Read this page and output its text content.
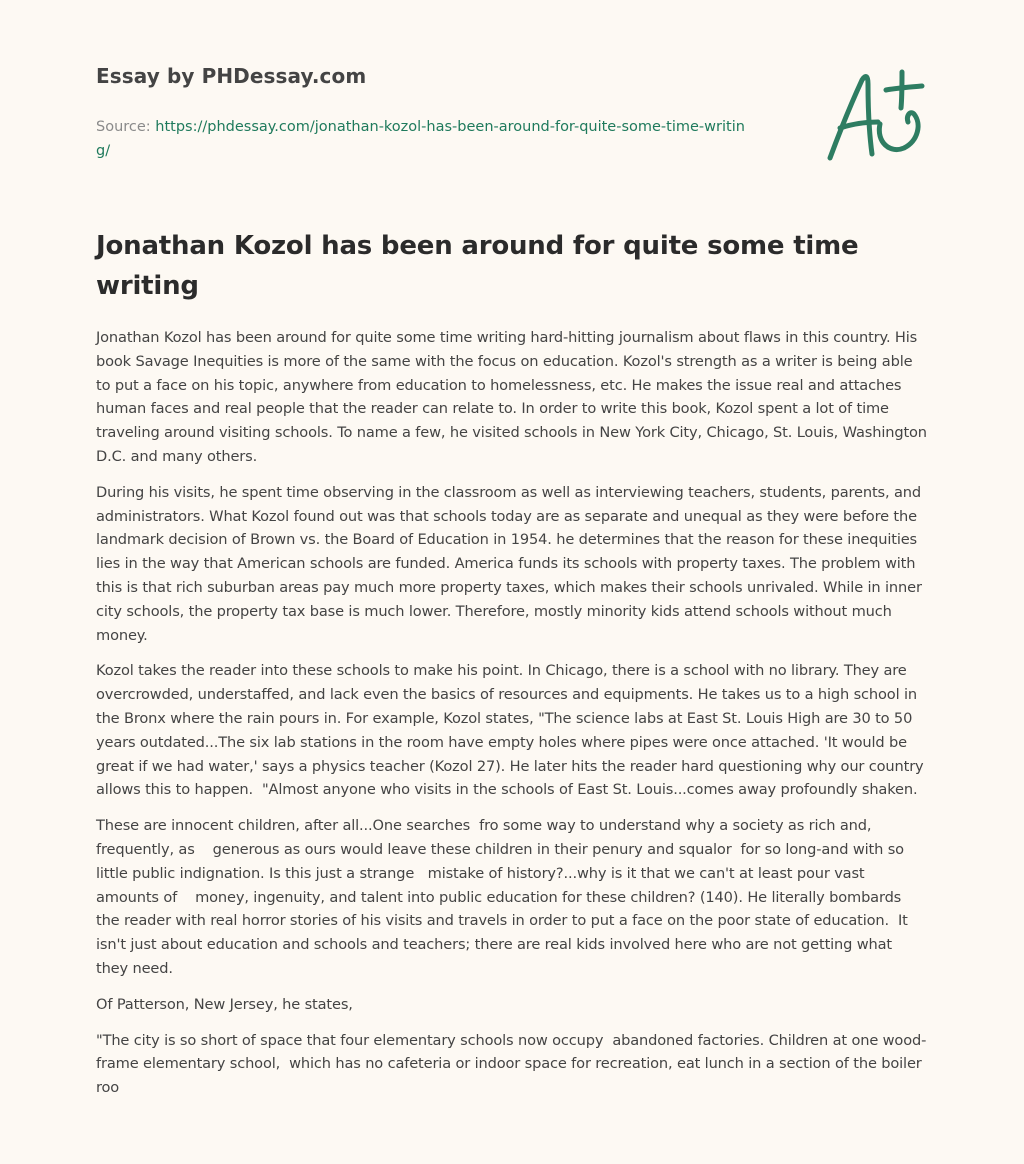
Essay by PHDessay.com
Source: https://phdessay.com/jonathan-kozol-has-been-around-for-quite-some-time-writing/
Jonathan Kozol has been around for quite some time writing

Jonathan Kozol has been around for quite some time writing hard-hitting journalism about flaws in this country. His book Savage Inequities is more of the same with the focus on education. Kozol's strength as a writer is being able to put a face on his topic, anywhere from education to homelessness, etc. He makes the issue real and attaches human faces and real people that the reader can relate to. In order to write this book, Kozol spent a lot of time traveling around visiting schools. To name a few, he visited schools in New York City, Chicago, St. Louis, Washington D.C. and many others.

During his visits, he spent time observing in the classroom as well as interviewing teachers, students, parents, and administrators. What Kozol found out was that schools today are as separate and unequal as they were before the landmark decision of Brown vs. the Board of Education in 1954. he determines that the reason for these inequities lies in the way that American schools are funded. America funds its schools with property taxes. The problem with this is that rich suburban areas pay much more property taxes, which makes their schools unrivaled. While in inner city schools, the property tax base is much lower. Therefore, mostly minority kids attend schools without much money.

Kozol takes the reader into these schools to make his point. In Chicago, there is a school with no library. They are overcrowded, understaffed, and lack even the basics of resources and equipments. He takes us to a high school in the Bronx where the rain pours in. For example, Kozol states, "The science labs at East St. Louis High are 30 to 50 years outdated...The six lab stations in the room have empty holes where pipes were once attached. 'It would be great if we had water,' says a physics teacher (Kozol 27). He later hits the reader hard questioning why our country allows this to happen.  "Almost anyone who visits in the schools of East St. Louis...comes away profoundly shaken.

These are innocent children, after all...One searches  fro some way to understand why a society as rich and, frequently, as    generous as ours would leave these children in their penury and squalor  for so long-and with so little public indignation. Is this just a strange   mistake of history?...why is it that we can't at least pour vast amounts of    money, ingenuity, and talent into public education for these children? (140). He literally bombards the reader with real horror stories of his visits and travels in order to put a face on the poor state of education.  It isn't just about education and schools and teachers; there are real kids involved here who are not getting what they need.

Of Patterson, New Jersey, he states,

"The city is so short of space that four elementary schools now occupy  abandoned factories. Children at one wood-frame elementary school,  which has no cafeteria or indoor space for recreation, eat lunch in a section of the boiler roo
